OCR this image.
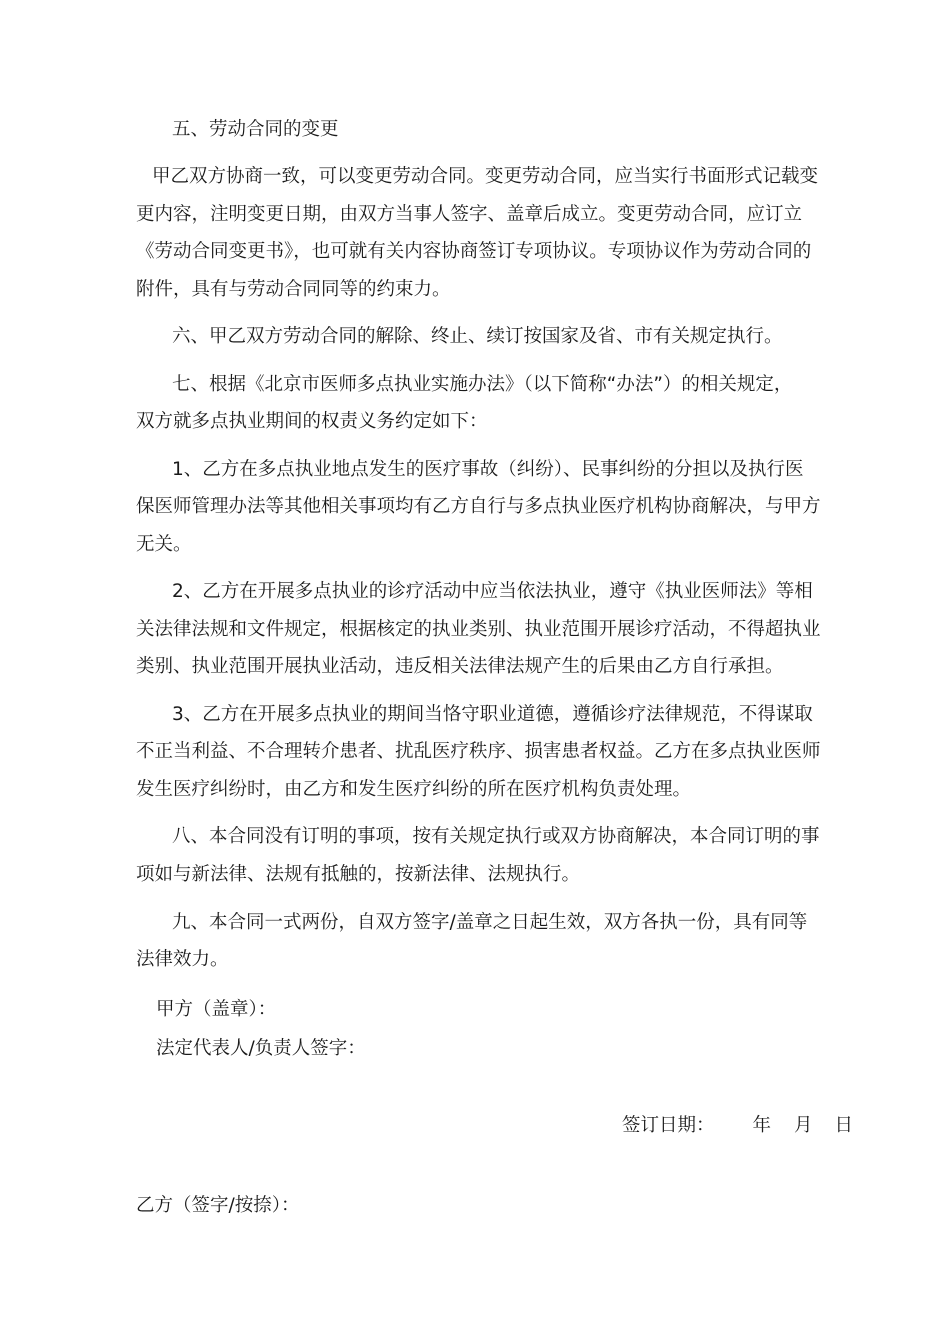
五、劳动合同的变更
甲乙双方协商一致，可以变更劳动合同。变更劳动合同，应当实行书面形式记载变
更内容，注明变更日期，由双方当事人签字、盖章后成立。变更劳动合同，应订立
《劳动合同变更书》，也可就有关内容协商签订专项协议。专项协议作为劳动合同的
附件，具有与劳动合同同等的约束力。
六、甲乙双方劳动合同的解除、终止、续订按国家及省、市有关规定执行。
七、根据《北京市医师多点执业实施办法》（以下简称“办法”）的相关规定，
双方就多点执业期间的权责义务约定如下：
1、乙方在多点执业地点发生的医疗事故（纠纷）、民事纠纷的分担以及执行医
保医师管理办法等其他相关事项均有乙方自行与多点执业医疗机构协商解决，与甲方
无关。
2、乙方在开展多点执业的诊疗活动中应当依法执业，遵守《执业医师法》等相
关法律法规和文件规定，根据核定的执业类别、执业范围开展诊疗活动，不得超执业
类别、执业范围开展执业活动，违反相关法律法规产生的后果由乙方自行承担。
3、乙方在开展多点执业的期间当恪守职业道德，遵循诊疗法律规范，不得谋取
不正当利益、不合理转介患者、扰乱医疗秩序、损害患者权益。乙方在多点执业医师
发生医疗纠纷时，由乙方和发生医疗纠纷的所在医疗机构负责处理。
八、本合同没有订明的事项，按有关规定执行或双方协商解决，本合同订明的事
项如与新法律、法规有抵触的，按新法律、法规执行。
九、本合同一式两份，自双方签字/盖章之日起生效，双方各执一份，具有同等
法律效力。
甲方（盖章）：
法定代表人/负责人签字：
签订日期： 年 月 日
乙方（签字/按捺）：
